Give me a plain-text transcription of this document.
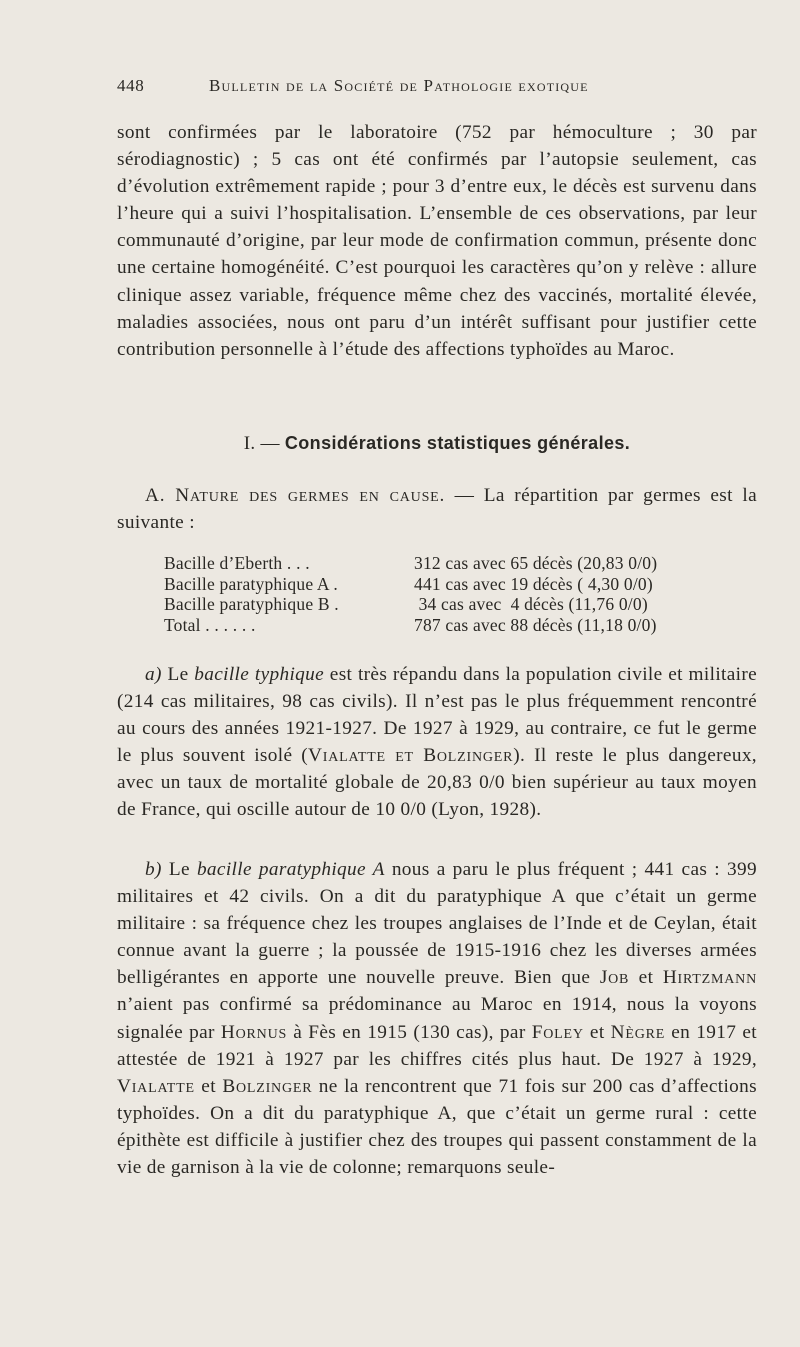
448	Bulletin de la Société de Pathologie exotique

sont confirmées par le laboratoire (752 par hémoculture ; 30 par sérodiagnostic) ; 5 cas ont été confirmés par l’autopsie seulement, cas d’évolution extrêmement rapide ; pour 3 d’entre eux, le décès est survenu dans l’heure qui a suivi l’hospitalisation. L’ensemble de ces observations, par leur communauté d’origine, par leur mode de confirmation commun, présente donc une certaine homogénéité. C’est pourquoi les caractères qu’on y relève : allure clinique assez variable, fréquence même chez des vaccinés, mortalité élevée, maladies associées, nous ont paru d’un intérêt suffisant pour justifier cette contribution personnelle à l’étude des affections typhoïdes au Maroc.

I. — Considérations statistiques générales.

A. Nature des germes en cause. — La répartition par germes est la suivante :

Bacille d’Eberth . . .	312 cas avec 65 décès (20,83 0/0)
Bacille paratyphique A .	441 cas avec 19 décès ( 4,30 0/0)
Bacille paratyphique B .	34 cas avec  4 décès (11,76 0/0)
Total . . . . . .	787 cas avec 88 décès (11,18 0/0)

a) Le bacille typhique est très répandu dans la population civile et militaire (214 cas militaires, 98 cas civils). Il n’est pas le plus fréquemment rencontré au cours des années 1921-1927. De 1927 à 1929, au contraire, ce fut le germe le plus souvent isolé (Vialatte et Bolzinger). Il reste le plus dangereux, avec un taux de mortalité globale de 20,83 0/0 bien supérieur au taux moyen de France, qui oscille autour de 10 0/0 (Lyon, 1928).

b) Le bacille paratyphique A nous a paru le plus fréquent ; 441 cas : 399 militaires et 42 civils. On a dit du paratyphique A que c’était un germe militaire : sa fréquence chez les troupes anglaises de l’Inde et de Ceylan, était connue avant la guerre ; la poussée de 1915-1916 chez les diverses armées belligérantes en apporte une nouvelle preuve. Bien que Job et Hirtzmann n’aient pas confirmé sa prédominance au Maroc en 1914, nous la voyons signalée par Hornus à Fès en 1915 (130 cas), par Foley et Nègre en 1917 et attestée de 1921 à 1927 par les chiffres cités plus haut. De 1927 à 1929, Vialatte et Bolzinger ne la rencontrent que 71 fois sur 200 cas d’affections typhoïdes. On a dit du paratyphique A, que c’était un germe rural : cette épithète est difficile à justifier chez des troupes qui passent constamment de la vie de garnison à la vie de colonne; remarquons seule-
